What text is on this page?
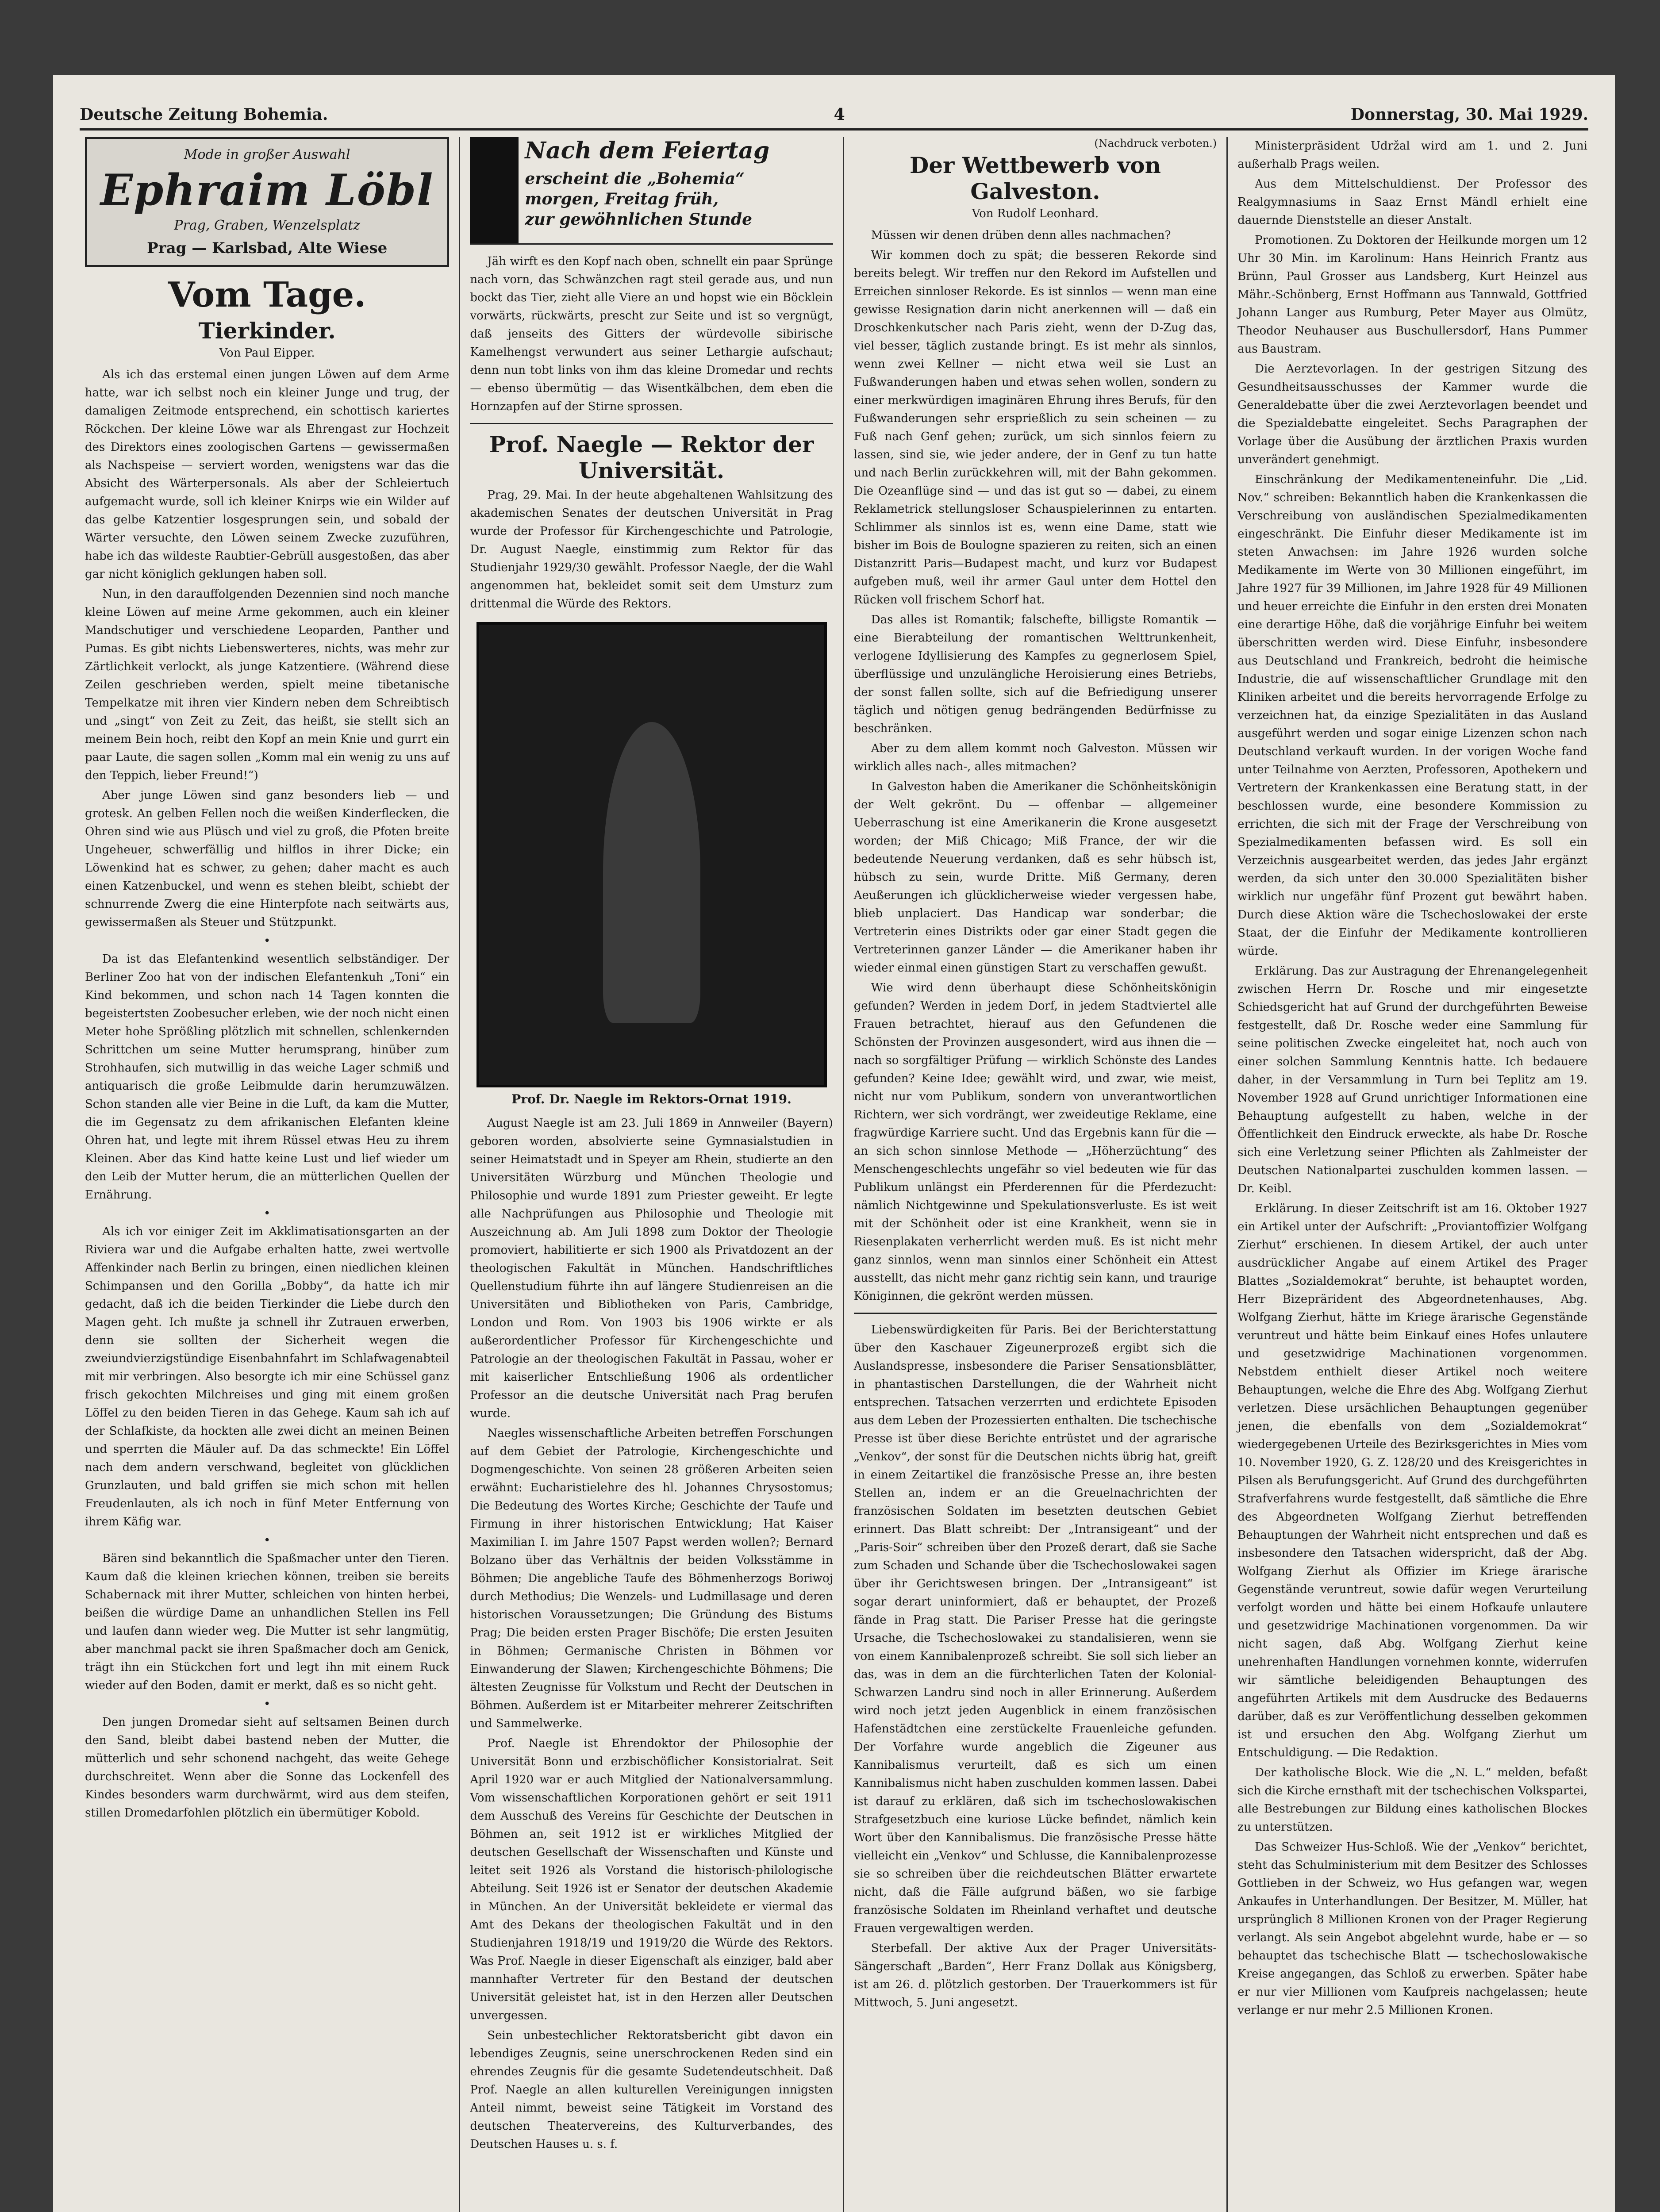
Deutsche Zeitung Bohemia.	4	Donnerstag, 30. Mai 1929.
Mode in großer Auswahl
Ephraim Löbl
Prag, Graben, Wenzelsplatz
Prag — Karlsbad, Alte Wiese
Vom Tage.
Tierkinder.
Von Paul Eipper.

Als ich das erstemal einen jungen Löwen auf dem Arme hatte, war ich selbst noch ein kleiner Junge und trug, der damaligen Zeitmode entsprechend, ein schottisch kariertes Röckchen. Der kleine Löwe war als Ehrengast zur Hochzeit des Direktors eines zoologischen Gartens — gewissermaßen als Nachspeise — serviert worden, wenigstens war das die Absicht des Wärterpersonals. Als aber der Schleiertuch aufgemacht wurde, soll ich kleiner Knirps wie ein Wilder auf das gelbe Katzentier losgesprungen sein, und sobald der Wärter versuchte, den Löwen seinem Zwecke zuzuführen, habe ich das wildeste Raubtier-Gebrüll ausgestoßen, das aber gar nicht königlich geklungen haben soll.

Nun, in den darauffolgenden Dezennien sind noch manche kleine Löwen auf meine Arme gekommen, auch ein kleiner Mandschutiger und verschiedene Leoparden, Panther und Pumas. Es gibt nichts Liebenswerteres, nichts, was mehr zur Zärtlichkeit verlockt, als junge Katzentiere. (Während diese Zeilen geschrieben werden, spielt meine tibetanische Tempelkatze mit ihren vier Kindern neben dem Schreibtisch und „singt“ von Zeit zu Zeit, das heißt, sie stellt sich an meinem Bein hoch, reibt den Kopf an mein Knie und gurrt ein paar Laute, die sagen sollen „Komm mal ein wenig zu uns auf den Teppich, lieber Freund!“)

Aber junge Löwen sind ganz besonders lieb — und grotesk. An gelben Fellen noch die weißen Kinderflecken, die Ohren sind wie aus Plüsch und viel zu groß, die Pfoten breite Ungeheuer, schwerfällig und hilflos in ihrer Dicke; ein Löwenkind hat es schwer, zu gehen; daher macht es auch einen Katzenbuckel, und wenn es stehen bleibt, schiebt der schnurrende Zwerg die eine Hinterpfote nach seitwärts aus, gewissermaßen als Steuer und Stützpunkt.

•

Da ist das Elefantenkind wesentlich selbständiger. Der Berliner Zoo hat von der indischen Elefantenkuh „Toni“ ein Kind bekommen, und schon nach 14 Tagen konnten die begeistertsten Zoobesucher erleben, wie der noch nicht einen Meter hohe Sprößling plötzlich mit schnellen, schlenkernden Schrittchen um seine Mutter herumsprang, hinüber zum Strohhaufen, sich mutwillig in das weiche Lager schmiß und antiquarisch die große Leibmulde darin herumzuwälzen. Schon standen alle vier Beine in die Luft, da kam die Mutter, die im Gegensatz zu dem afrikanischen Elefanten kleine Ohren hat, und legte mit ihrem Rüssel etwas Heu zu ihrem Kleinen. Aber das Kind hatte keine Lust und lief wieder um den Leib der Mutter herum, die an mütterlichen Quellen der Ernährung.

•

Als ich vor einiger Zeit im Akklimatisationsgarten an der Riviera war und die Aufgabe erhalten hatte, zwei wertvolle Affenkinder nach Berlin zu bringen, einen niedlichen kleinen Schimpansen und den Gorilla „Bobby“, da hatte ich mir gedacht, daß ich die beiden Tierkinder die Liebe durch den Magen geht. Ich mußte ja schnell ihr Zutrauen erwerben, denn sie sollten der Sicherheit wegen die zweiundvierzigstündige Eisenbahnfahrt im Schlafwagenabteil mit mir verbringen. Also besorgte ich mir eine Schüssel ganz frisch gekochten Milchreises und ging mit einem großen Löffel zu den beiden Tieren in das Gehege. Kaum sah ich auf der Schlafkiste, da hockten alle zwei dicht an meinen Beinen und sperrten die Mäuler auf. Da das schmeckte! Ein Löffel nach dem andern verschwand, begleitet von glücklichen Grunzlauten, und bald griffen sie mich schon mit hellen Freudenlauten, als ich noch in fünf Meter Entfernung von ihrem Käfig war.

•

Bären sind bekanntlich die Spaßmacher unter den Tieren. Kaum daß die kleinen kriechen können, treiben sie bereits Schabernack mit ihrer Mutter, schleichen von hinten herbei, beißen die würdige Dame an unhandlichen Stellen ins Fell und laufen dann wieder weg. Die Mutter ist sehr langmütig, aber manchmal packt sie ihren Spaßmacher doch am Genick, trägt ihn ein Stückchen fort und legt ihn mit einem Ruck wieder auf den Boden, damit er merkt, daß es so nicht geht.

•

Den jungen Dromedar sieht auf seltsamen Beinen durch den Sand, bleibt dabei bastend neben der Mutter, die mütterlich und sehr schonend nachgeht, das weite Gehege durchschreitet. Wenn aber die Sonne das Lockenfell des Kindes besonders warm durchwärmt, wird aus dem steifen, stillen Dromedarfohlen plötzlich ein übermütiger Kobold.

Nach dem Feiertag
erscheint die „Bohemia“
morgen, Freitag früh,
zur gewöhnlichen Stunde

Jäh wirft es den Kopf nach oben, schnellt ein paar Sprünge nach vorn, das Schwänzchen ragt steil gerade aus, und nun bockt das Tier, zieht alle Viere an und hopst wie ein Böcklein vorwärts, rückwärts, prescht zur Seite und ist so vergnügt, daß jenseits des Gitters der würdevolle sibirische Kamelhengst verwundert aus seiner Lethargie aufschaut; denn nun tobt links von ihm das kleine Dromedar und rechts — ebenso übermütig — das Wisentkälbchen, dem eben die Hornzapfen auf der Stirne sprossen.

Prof. Naegle — Rektor der Universität.

Prag, 29. Mai. In der heute abgehaltenen Wahlsitzung des akademischen Senates der deutschen Universität in Prag wurde der Professor für Kirchengeschichte und Patrologie, Dr. August Naegle, einstimmig zum Rektor für das Studienjahr 1929/30 gewählt. Professor Naegle, der die Wahl angenommen hat, bekleidet somit seit dem Umsturz zum drittenmal die Würde des Rektors.

Prof. Dr. Naegle im Rektors-Ornat 1919.

August Naegle ist am 23. Juli 1869 in Annweiler (Bayern) geboren worden, absolvierte seine Gymnasialstudien in seiner Heimatstadt und in Speyer am Rhein, studierte an den Universitäten Würzburg und München Theologie und Philosophie und wurde 1891 zum Priester geweiht. Er legte alle Nachprüfungen aus Philosophie und Theologie mit Auszeichnung ab. Am Juli 1898 zum Doktor der Theologie promoviert, habilitierte er sich 1900 als Privatdozent an der theologischen Fakultät in München. Handschriftliches Quellenstudium führte ihn auf längere Studienreisen an die Universitäten und Bibliotheken von Paris, Cambridge, London und Rom. Von 1903 bis 1906 wirkte er als außerordentlicher Professor für Kirchengeschichte und Patrologie an der theologischen Fakultät in Passau, woher er mit kaiserlicher Entschließung 1906 als ordentlicher Professor an die deutsche Universität nach Prag berufen wurde.

Naegles wissenschaftliche Arbeiten betreffen Forschungen auf dem Gebiet der Patrologie, Kirchengeschichte und Dogmengeschichte. Von seinen 28 größeren Arbeiten seien erwähnt: Eucharistielehre des hl. Johannes Chrysostomus; Die Bedeutung des Wortes Kirche; Geschichte der Taufe und Firmung in ihrer historischen Entwicklung; Hat Kaiser Maximilian I. im Jahre 1507 Papst werden wollen?; Bernard Bolzano über das Verhältnis der beiden Volksstämme in Böhmen; Die angebliche Taufe des Böhmenherzogs Boriwoj durch Methodius; Die Wenzels- und Ludmillasage und deren historischen Voraussetzungen; Die Gründung des Bistums Prag; Die beiden ersten Prager Bischöfe; Die ersten Jesuiten in Böhmen; Germanische Christen in Böhmen vor Einwanderung der Slawen; Kirchengeschichte Böhmens; Die ältesten Zeugnisse für Volkstum und Recht der Deutschen in Böhmen. Außerdem ist er Mitarbeiter mehrerer Zeitschriften und Sammelwerke.

Prof. Naegle ist Ehrendoktor der Philosophie der Universität Bonn und erzbischöflicher Konsistorialrat. Seit April 1920 war er auch Mitglied der Nationalversammlung. Vom wissenschaftlichen Korporationen gehört er seit 1911 dem Ausschuß des Vereins für Geschichte der Deutschen in Böhmen an, seit 1912 ist er wirkliches Mitglied der deutschen Gesellschaft der Wissenschaften und Künste und leitet seit 1926 als Vorstand die historisch-philologische Abteilung. Seit 1926 ist er Senator der deutschen Akademie in München. An der Universität bekleidete er viermal das Amt des Dekans der theologischen Fakultät und in den Studienjahren 1918/19 und 1919/20 die Würde des Rektors. Was Prof. Naegle in dieser Eigenschaft als einziger, bald aber mannhafter Vertreter für den Bestand der deutschen Universität geleistet hat, ist in den Herzen aller Deutschen unvergessen.

Sein unbestechlicher Rektoratsbericht gibt davon ein lebendiges Zeugnis, seine unerschrockenen Reden sind ein ehrendes Zeugnis für die gesamte Sudetendeutschheit. Daß Prof. Naegle an allen kulturellen Vereinigungen innigsten Anteil nimmt, beweist seine Tätigkeit im Vorstand des deutschen Theatervereins, des Kulturverbandes, des Deutschen Hauses u. s. f.

(Nachdruck verboten.)
Der Wettbewerb von Galveston.
Von Rudolf Leonhard.

Müssen wir denen drüben denn alles nachmachen?

Wir kommen doch zu spät; die besseren Rekorde sind bereits belegt. Wir treffen nur den Rekord im Aufstellen und Erreichen sinnloser Rekorde. Es ist sinnlos — wenn man eine gewisse Resignation darin nicht anerkennen will — daß ein Droschkenkutscher nach Paris zieht, wenn der D-Zug das, viel besser, täglich zustande bringt. Es ist mehr als sinnlos, wenn zwei Kellner — nicht etwa weil sie Lust an Fußwanderungen haben und etwas sehen wollen, sondern zu einer merkwürdigen imaginären Ehrung ihres Berufs, für den Fußwanderungen sehr ersprießlich zu sein scheinen — zu Fuß nach Genf gehen; zurück, um sich sinnlos feiern zu lassen, sind sie, wie jeder andere, der in Genf zu tun hatte und nach Berlin zurückkehren will, mit der Bahn gekommen. Die Ozeanflüge sind — und das ist gut so — dabei, zu einem Reklametrick stellungsloser Schauspielerinnen zu entarten. Schlimmer als sinnlos ist es, wenn eine Dame, statt wie bisher im Bois de Boulogne spazieren zu reiten, sich an einen Distanzritt Paris—Budapest macht, und kurz vor Budapest aufgeben muß, weil ihr armer Gaul unter dem Hottel den Rücken voll frischem Schorf hat.

Das alles ist Romantik; falschefte, billigste Romantik — eine Bierabteilung der romantischen Welttrunkenheit, verlogene Idyllisierung des Kampfes zu gegnerlosem Spiel, überflüssige und unzulängliche Heroisierung eines Betriebs, der sonst fallen sollte, sich auf die Befriedigung unserer täglich und nötigen genug bedrängenden Bedürfnisse zu beschränken.

Aber zu dem allem kommt noch Galveston. Müssen wir wirklich alles nach-, alles mitmachen?

In Galveston haben die Amerikaner die Schönheitskönigin der Welt gekrönt. Du — offenbar — allgemeiner Ueberraschung ist eine Amerikanerin die Krone ausgesetzt worden; der Miß Chicago; Miß France, der wir die bedeutende Neuerung verdanken, daß es sehr hübsch ist, hübsch zu sein, wurde Dritte. Miß Germany, deren Aeußerungen ich glücklicherweise wieder vergessen habe, blieb unplaciert. Das Handicap war sonderbar; die Vertreterin eines Distrikts oder gar einer Stadt gegen die Vertreterinnen ganzer Länder — die Amerikaner haben ihr wieder einmal einen günstigen Start zu verschaffen gewußt.

Wie wird denn überhaupt diese Schönheitskönigin gefunden? Werden in jedem Dorf, in jedem Stadtviertel alle Frauen betrachtet, hierauf aus den Gefundenen die Schönsten der Provinzen ausgesondert, wird aus ihnen die — nach so sorgfältiger Prüfung — wirklich Schönste des Landes gefunden? Keine Idee; gewählt wird, und zwar, wie meist, nicht nur vom Publikum, sondern von unverantwortlichen Richtern, wer sich vordrängt, wer zweideutige Reklame, eine fragwürdige Karriere sucht. Und das Ergebnis kann für die — an sich schon sinnlose Methode — „Höherzüchtung“ des Menschengeschlechts ungefähr so viel bedeuten wie für das Publikum unlängst ein Pferderennen für die Pferdezucht: nämlich Nichtgewinne und Spekulationsverluste. Es ist weit mit der Schönheit oder ist eine Krankheit, wenn sie in Riesenplakaten verherrlicht werden muß. Es ist nicht mehr ganz sinnlos, wenn man sinnlos einer Schönheit ein Attest ausstellt, das nicht mehr ganz richtig sein kann, und traurige Königinnen, die gekrönt werden müssen.

Liebenswürdigkeiten für Paris. Bei der Berichterstattung über den Kaschauer Zigeunerprozeß ergibt sich die Auslandspresse, insbesondere die Pariser Sensationsblätter, in phantastischen Darstellungen, die der Wahrheit nicht entsprechen. Tatsachen verzerrten und erdichtete Episoden aus dem Leben der Prozessierten enthalten. Die tschechische Presse ist über diese Berichte entrüstet und der agrarische „Venkov“, der sonst für die Deutschen nichts übrig hat, greift in einem Zeitartikel die französische Presse an, ihre besten Stellen an, indem er an die Greuelnachrichten der französischen Soldaten im besetzten deutschen Gebiet erinnert. Das Blatt schreibt: Der „Intransigeant“ und der „Paris-Soir“ schreiben über den Prozeß derart, daß sie Sache zum Schaden und Schande über die Tschechoslowakei sagen über ihr Gerichtswesen bringen. Der „Intransigeant“ ist sogar derart uninformiert, daß er behauptet, der Prozeß fände in Prag statt. Die Pariser Presse hat die geringste Ursache, die Tschechoslowakei zu standalisieren, wenn sie von einem Kannibalenprozeß schreibt. Sie soll sich lieber an das, was in dem an die fürchterlichen Taten der Kolonial-Schwarzen Landru sind noch in aller Erinnerung. Außerdem wird noch jetzt jeden Augenblick in einem französischen Hafenstädtchen eine zerstückelte Frauenleiche gefunden. Der Vorfahre wurde angeblich die Zigeuner aus Kannibalismus verurteilt, daß es sich um einen Kannibalismus nicht haben zuschulden kommen lassen. Dabei ist darauf zu erklären, daß sich im tschechoslowakischen Strafgesetzbuch eine kuriose Lücke befindet, nämlich kein Wort über den Kannibalismus. Die französische Presse hätte vielleicht ein „Venkov“ und Schlusse, die Kannibalenprozesse sie so schreiben über die reichdeutschen Blätter erwartete nicht, daß die Fälle aufgrund bäßen, wo sie farbige französische Soldaten im Rheinland verhaftet und deutsche Frauen vergewaltigen werden.

Sterbefall. Der aktive Aux der Prager Universitäts-Sängerschaft „Barden“, Herr Franz Dollak aus Königsberg, ist am 26. d. plötzlich gestorben. Der Trauerkommers ist für Mittwoch, 5. Juni angesetzt.

Ministerpräsident Udržal wird am 1. und 2. Juni außerhalb Prags weilen.

Aus dem Mittelschuldienst. Der Professor des Realgymnasiums in Saaz Ernst Mändl erhielt eine dauernde Dienststelle an dieser Anstalt.

Promotionen. Zu Doktoren der Heilkunde morgen um 12 Uhr 30 Min. im Karolinum: Hans Heinrich Frantz aus Brünn, Paul Grosser aus Landsberg, Kurt Heinzel aus Mähr.-Schönberg, Ernst Hoffmann aus Tannwald, Gottfried Johann Langer aus Rumburg, Peter Mayer aus Olmütz, Theodor Neuhauser aus Buschullersdorf, Hans Pummer aus Baustram.

Die Aerztevorlagen. In der gestrigen Sitzung des Gesundheitsausschusses der Kammer wurde die Generaldebatte über die zwei Aerztevorlagen beendet und die Spezialdebatte eingeleitet. Sechs Paragraphen der Vorlage über die Ausübung der ärztlichen Praxis wurden unverändert genehmigt.

Einschränkung der Medikamenteneinfuhr. Die „Lid. Nov.“ schreiben: Bekanntlich haben die Krankenkassen die Verschreibung von ausländischen Spezialmedikamenten eingeschränkt. Die Einfuhr dieser Medikamente ist im steten Anwachsen: im Jahre 1926 wurden solche Medikamente im Werte von 30 Millionen eingeführt, im Jahre 1927 für 39 Millionen, im Jahre 1928 für 49 Millionen und heuer erreichte die Einfuhr in den ersten drei Monaten eine derartige Höhe, daß die vorjährige Einfuhr bei weitem überschritten werden wird. Diese Einfuhr, insbesondere aus Deutschland und Frankreich, bedroht die heimische Industrie, die auf wissenschaftlicher Grundlage mit den Kliniken arbeitet und die bereits hervorragende Erfolge zu verzeichnen hat, da einzige Spezialitäten in das Ausland ausgeführt werden und sogar einige Lizenzen schon nach Deutschland verkauft wurden. In der vorigen Woche fand unter Teilnahme von Aerzten, Professoren, Apothekern und Vertretern der Krankenkassen eine Beratung statt, in der beschlossen wurde, eine besondere Kommission zu errichten, die sich mit der Frage der Verschreibung von Spezialmedikamenten befassen wird. Es soll ein Verzeichnis ausgearbeitet werden, das jedes Jahr ergänzt werden, da sich unter den 30.000 Spezialitäten bisher wirklich nur ungefähr fünf Prozent gut bewährt haben. Durch diese Aktion wäre die Tschechoslowakei der erste Staat, der die Einfuhr der Medikamente kontrollieren würde.

Erklärung. Das zur Austragung der Ehrenangelegenheit zwischen Herrn Dr. Rosche und mir eingesetzte Schiedsgericht hat auf Grund der durchgeführten Beweise festgestellt, daß Dr. Rosche weder eine Sammlung für seine politischen Zwecke eingeleitet hat, noch auch von einer solchen Sammlung Kenntnis hatte. Ich bedauere daher, in der Versammlung in Turn bei Teplitz am 19. November 1928 auf Grund unrichtiger Informationen eine Behauptung aufgestellt zu haben, welche in der Öffentlichkeit den Eindruck erweckte, als habe Dr. Rosche sich eine Verletzung seiner Pflichten als Zahlmeister der Deutschen Nationalpartei zuschulden kommen lassen. — Dr. Keibl.

Erklärung. In dieser Zeitschrift ist am 16. Oktober 1927 ein Artikel unter der Aufschrift: „Proviantoffizier Wolfgang Zierhut“ erschienen. In diesem Artikel, der auch unter ausdrücklicher Angabe auf einem Artikel des Prager Blattes „Sozialdemokrat“ beruhte, ist behauptet worden, Herr Bizeprärident des Abgeordnetenhauses, Abg. Wolfgang Zierhut, hätte im Kriege ärarische Gegenstände veruntreut und hätte beim Einkauf eines Hofes unlautere und gesetzwidrige Machinationen vorgenommen. Nebstdem enthielt dieser Artikel noch weitere Behauptungen, welche die Ehre des Abg. Wolfgang Zierhut verletzen. Diese ursächlichen Behauptungen gegenüber jenen, die ebenfalls von dem „Sozialdemokrat“ wiedergegebenen Urteile des Bezirksgerichtes in Mies vom 10. November 1920, G. Z. 128/20 und des Kreisgerichtes in Pilsen als Berufungsgericht. Auf Grund des durchgeführten Strafverfahrens wurde festgestellt, daß sämtliche die Ehre des Abgeordneten Wolfgang Zierhut betreffenden Behauptungen der Wahrheit nicht entsprechen und daß es insbesondere den Tatsachen widerspricht, daß der Abg. Wolfgang Zierhut als Offizier im Kriege ärarische Gegenstände veruntreut, sowie dafür wegen Verurteilung verfolgt worden und hätte bei einem Hofkaufe unlautere und gesetzwidrige Machinationen vorgenommen. Da wir nicht sagen, daß Abg. Wolfgang Zierhut keine unehrenhaften Handlungen vornehmen konnte, widerrufen wir sämtliche beleidigenden Behauptungen des angeführten Artikels mit dem Ausdrucke des Bedauerns darüber, daß es zur Veröffentlichung desselben gekommen ist und ersuchen den Abg. Wolfgang Zierhut um Entschuldigung. — Die Redaktion.

Der katholische Block. Wie die „N. L.“ melden, befaßt sich die Kirche ernsthaft mit der tschechischen Volkspartei, alle Bestrebungen zur Bildung eines katholischen Blockes zu unterstützen.

Das Schweizer Hus-Schloß. Wie der „Venkov“ berichtet, steht das Schulministerium mit dem Besitzer des Schlosses Gottlieben in der Schweiz, wo Hus gefangen war, wegen Ankaufes in Unterhandlungen. Der Besitzer, M. Müller, hat ursprünglich 8 Millionen Kronen von der Prager Regierung verlangt. Als sein Angebot abgelehnt wurde, habe er — so behauptet das tschechische Blatt — tschechoslowakische Kreise angegangen, das Schloß zu erwerben. Später habe er nur vier Millionen vom Kaufpreis nachgelassen; heute verlange er nur mehr 2.5 Millionen Kronen.
